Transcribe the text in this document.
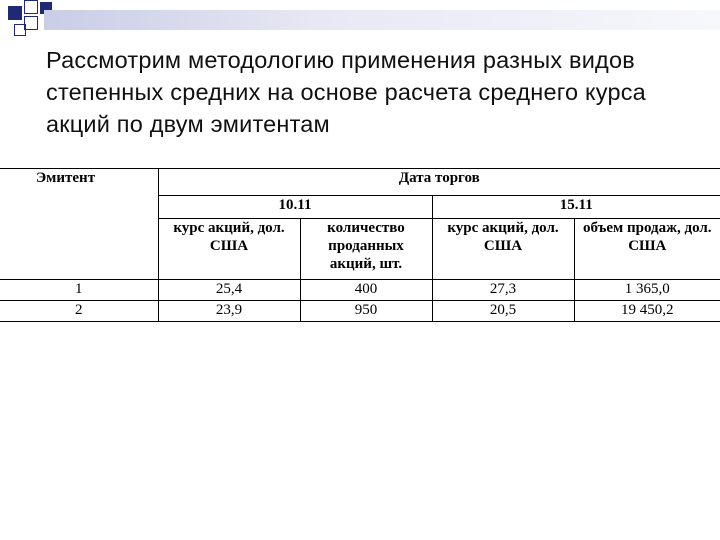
Рассмотрим методологию применения разных видов степенных средних на основе расчета среднего курса акций по двум эмитентам
Эмитент	Дата торгов			
	10.11		15.11	
	курс акций, дол. США	количество проданных акций, шт.	курс акций, дол. США	объем продаж, дол. США
1	25,4	400	27,3	1 365,0
2	23,9	950	20,5	19 450,2
